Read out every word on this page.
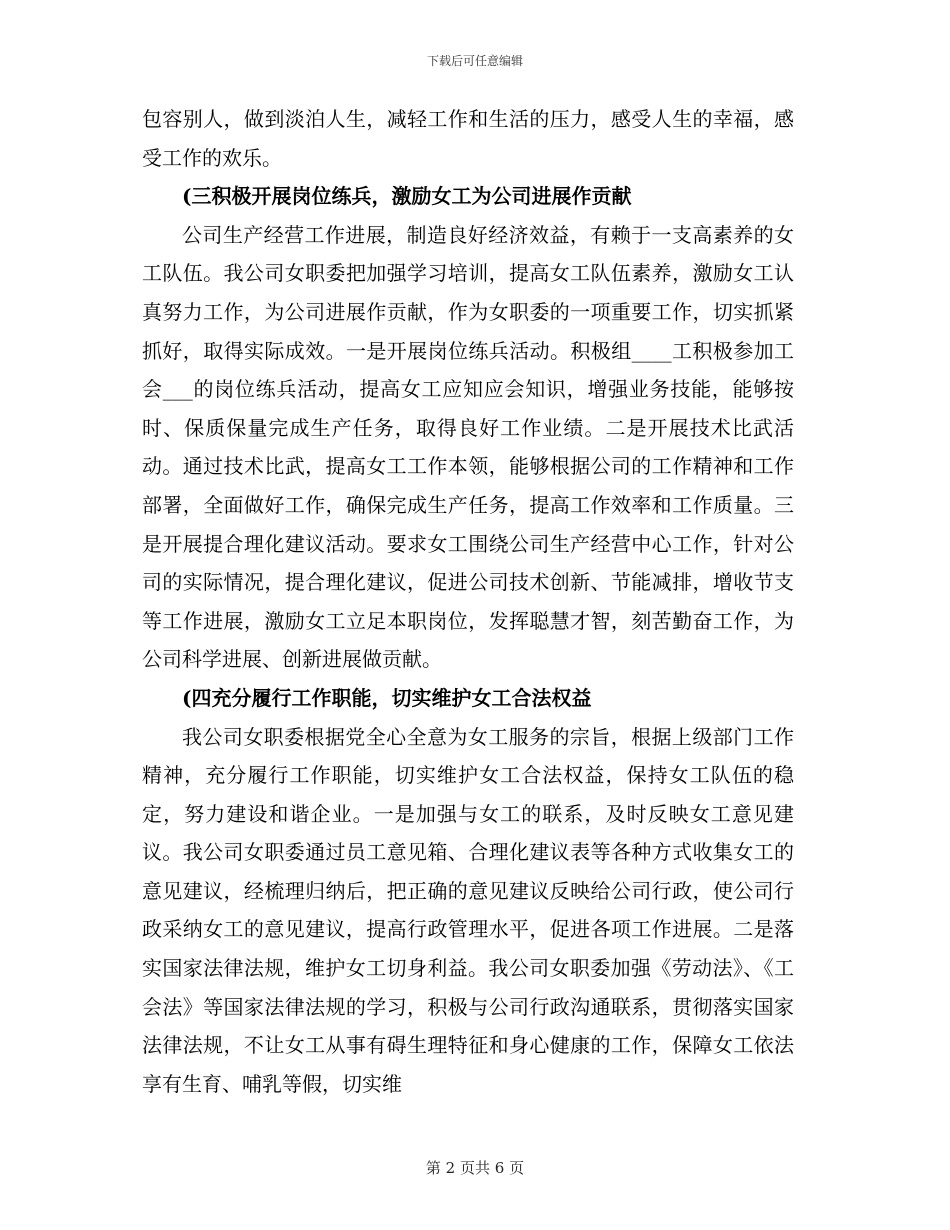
下载后可任意编辑

包容别人，做到淡泊人生，减轻工作和生活的压力，感受人生的幸福，感受工作的欢乐。

(三积极开展岗位练兵，激励女工为公司进展作贡献

公司生产经营工作进展，制造良好经济效益，有赖于一支高素养的女工队伍。我公司女职委把加强学习培训，提高女工队伍素养，激励女工认真努力工作，为公司进展作贡献，作为女职委的一项重要工作，切实抓紧抓好，取得实际成效。一是开展岗位练兵活动。积极组____工积极参加工会___的岗位练兵活动，提高女工应知应会知识，增强业务技能，能够按时、保质保量完成生产任务，取得良好工作业绩。二是开展技术比武活动。通过技术比武，提高女工工作本领，能够根据公司的工作精神和工作部署，全面做好工作，确保完成生产任务，提高工作效率和工作质量。三是开展提合理化建议活动。要求女工围绕公司生产经营中心工作，针对公司的实际情况，提合理化建议，促进公司技术创新、节能减排，增收节支等工作进展，激励女工立足本职岗位，发挥聪慧才智，刻苦勤奋工作，为公司科学进展、创新进展做贡献。

(四充分履行工作职能，切实维护女工合法权益

我公司女职委根据党全心全意为女工服务的宗旨，根据上级部门工作精神，充分履行工作职能，切实维护女工合法权益，保持女工队伍的稳定，努力建设和谐企业。一是加强与女工的联系，及时反映女工意见建议。我公司女职委通过员工意见箱、合理化建议表等各种方式收集女工的意见建议，经梳理归纳后，把正确的意见建议反映给公司行政，使公司行政采纳女工的意见建议，提高行政管理水平，促进各项工作进展。二是落实国家法律法规，维护女工切身利益。我公司女职委加强《劳动法》、《工会法》等国家法律法规的学习，积极与公司行政沟通联系，贯彻落实国家法律法规，不让女工从事有碍生理特征和身心健康的工作，保障女工依法享有生育、哺乳等假，切实维

第 2 页共 6 页
